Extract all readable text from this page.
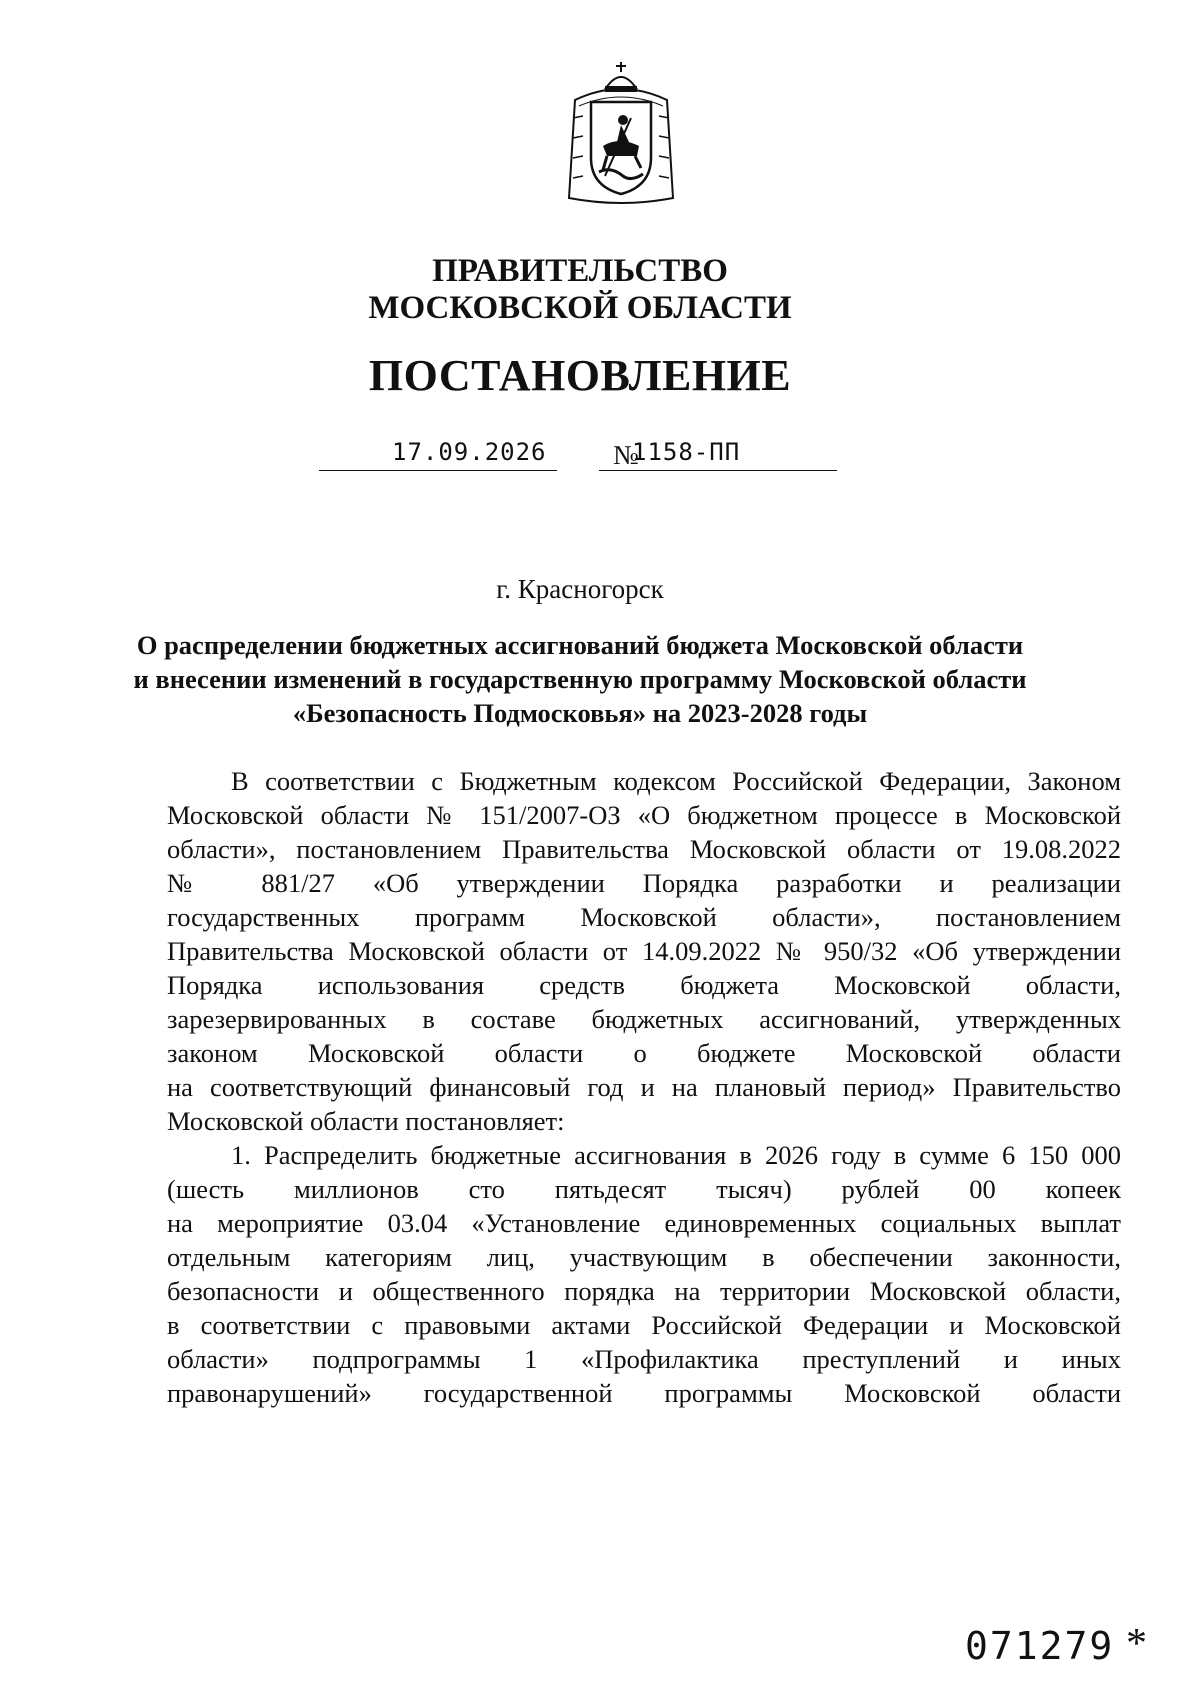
ПРАВИТЕЛЬСТВО
МОСКОВСКОЙ ОБЛАСТИ
ПОСТАНОВЛЕНИЕ
17.09.2026 №
1158-ПП
г. Красногорск
О распределении бюджетных ассигнований бюджета Московской области
и внесении изменений в государственную программу Московской области
«Безопасность Подмосковья» на 2023-2028 годы
В соответствии с Бюджетным кодексом Российской Федерации, Законом
Московской области № 151/2007-ОЗ «О бюджетном процессе в Московской
области», постановлением Правительства Московской области от 19.08.2022
№ 881/27 «Об утверждении Порядка разработки и реализации
государственных программ Московской области», постановлением
Правительства Московской области от 14.09.2022 № 950/32 «Об утверждении
Порядка использования средств бюджета Московской области,
зарезервированных в составе бюджетных ассигнований, утвержденных
законом Московской области о бюджете Московской области
на соответствующий финансовый год и на плановый период» Правительство
Московской области постановляет:
1. Распределить бюджетные ассигнования в 2026 году в сумме 6 150 000
(шесть миллионов сто пятьдесят тысяч) рублей 00 копеек
на мероприятие 03.04 «Установление единовременных социальных выплат
отдельным категориям лиц, участвующим в обеспечении законности,
безопасности и общественного порядка на территории Московской области,
в соответствии с правовыми актами Российской Федерации и Московской
области» подпрограммы 1 «Профилактика преступлений и иных
правонарушений» государственной программы Московской области
071279 *
